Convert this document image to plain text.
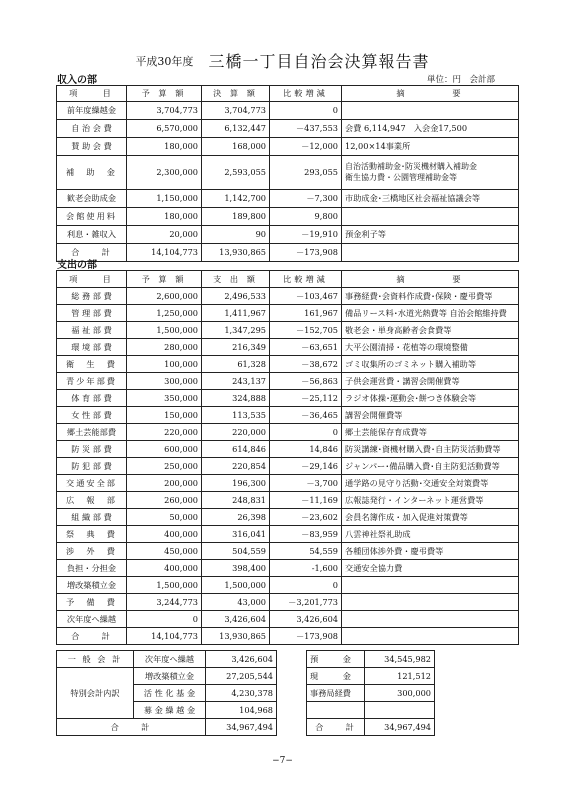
平成30年度 三橋一丁目自治会決算報告書
収入の部	単位：円　会計部
項　　目	予 算 額	決 算 額	比較増減	摘　　　　要
前年度繰越金	3,704,773	3,704,773	0	
自 治 会 費	6,570,000	6,132,447	－437,553	会費 6,114,947　入会金17,500
賛 助 会 費	180,000	168,000	－12,000	12,00×14事業所
補　助　金	2,300,000	2,593,055	293,055	自治活動補助金･防災機材購入補助金
衛生協力費・公園管理補助金等

歓老会助成金	1,150,000	1,142,700	－7,300	市助成金･三橋地区社会福祉協議会等
会館使用料	180,000	189,800	9,800	
利息・雑収入	20,000	90	－19,910	預金利子等
合　　計	14,104,773	13,930,865	－173,908	
支出の部
項　　目	予 算 額	支 出 額	比較増減	摘　　　　要
総 務 部 費	2,600,000	2,496,533	－103,467	事務経費･会資料作成費･保険・慶弔費等
管 理 部 費	1,250,000	1,411,967	161,967	備品リース料･水道光熱費等 自治会館維持費
福 祉 部 費	1,500,000	1,347,295	－152,705	敬老会・単身高齢者会食費等
環 境 部 費	280,000	216,349	－63,651	大平公園清掃・花植等の環境整備
衛　生　費	100,000	61,328	－38,672	ゴミ収集所のゴミネット購入補助等
青少年部費	300,000	243,137	－56,863	子供会運営費・講習会開催費等
体 育 部 費	350,000	324,888	－25,112	ラジオ体操･運動会･餅つき体験会等
女 性 部 費	150,000	113,535	－36,465	講習会開催費等
郷土芸能部費	220,000	220,000	0	郷土芸能保存育成費等
防 災 部 費	600,000	614,846	14,846	防災講練･資機材購入費･自主防災活動費等
防 犯 部 費	250,000	220,854	－29,146	ジャンパー･備品購入費･自主防犯活動費等
交通安全部	200,000	196,300	－3,700	通学路の見守り活動･交通安全対策費等
広　報　部	260,000	248,831	－11,169	広報誌発行・インターネット運営費等
組 織 部 費	50,000	26,398	－23,602	会員名簿作成・加入促進対策費等
祭　典　費	400,000	316,041	－83,959	八雲神社祭礼助成
渉　外　費	450,000	504,559	54,559	各種団体渉外費・慶弔費等
負担・分担金	400,000	398,400	-1,600	交通安全協力費
増改築積立金	1,500,000	1,500,000	0	
予　備　費	3,244,773	43,000	－3,201,773	
次年度へ繰越	0	3,426,604	3,426,604	
合　　計	14,104,773	13,930,865	－173,908	
一 般 会 計	次年度へ繰越	3,426,604
特別会計内訳	増改築積立金	27,205,544
	活 性 化 基 金	4,230,378
	募 金 繰 越 金	104,968
合　　計		34,967,494
預　　　金	34,545,982
現　　　金	121,512
事務局経費	300,000

合　　計	34,967,494
−7−
